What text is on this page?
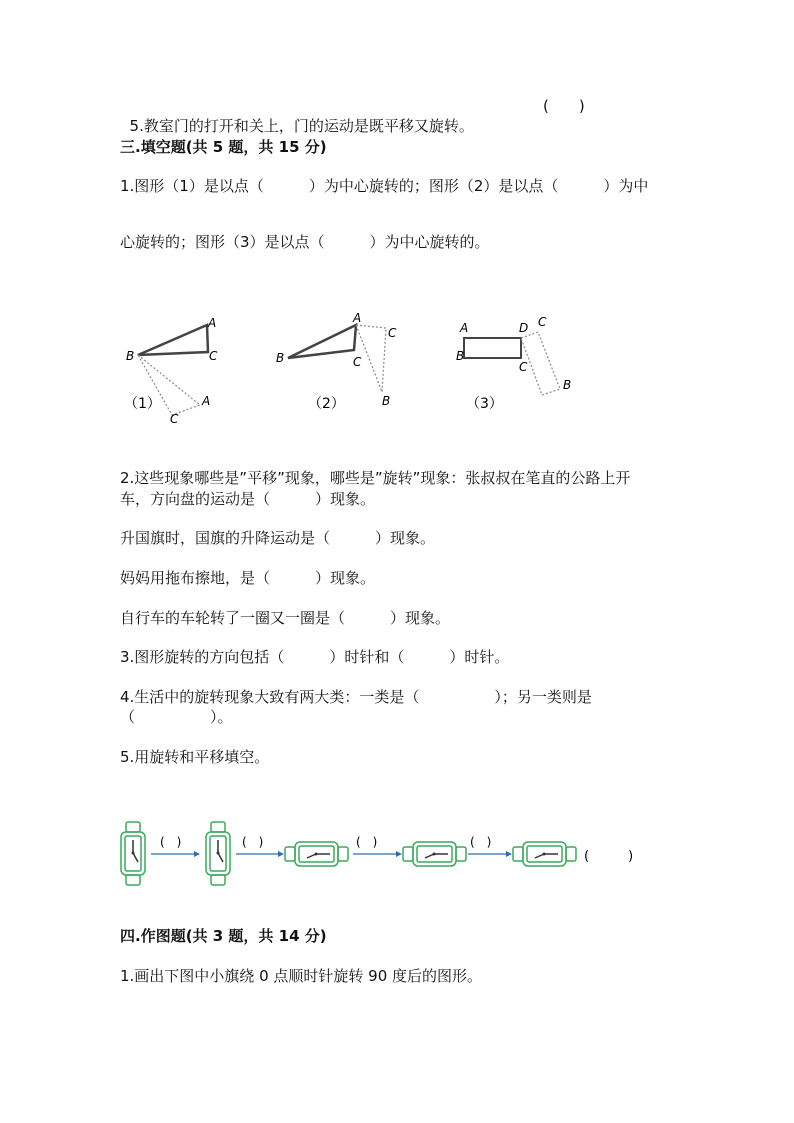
5.教室门的打开和关上，门的运动是既平移又旋转。

(　　)
三.填空题(共 5 题，共 15 分)
1.图形（1）是以点（　　　）为中心旋转的；图形（2）是以点（　　　）为中
心旋转的；图形（3）是以点（　　　）为中心旋转的。
A
B	C
A
C
（1）
A
B	C
C
B
（2）
A
B
D
C
C
B
（3）
2.这些现象哪些是”平移”现象，哪些是”旋转”现象：张叔叔在笔直的公路上开
车，方向盘的运动是（　　　）现象。
升国旗时，国旗的升降运动是（　　　）现象。
妈妈用拖布擦地，是（　　　）现象。
自行车的车轮转了一圈又一圈是（　　　）现象。
3.图形旋转的方向包括（　　　）时针和（　　　）时针。
4.生活中的旋转现象大致有两大类：一类是（　　　　　）；另一类则是
（　　　　　）。
5.用旋转和平移填空。
(　)	(　)	(　)	(　)
(　　　)
四.作图题(共 3 题，共 14 分)
1.画出下图中小旗绕 0 点顺时针旋转 90 度后的图形。
